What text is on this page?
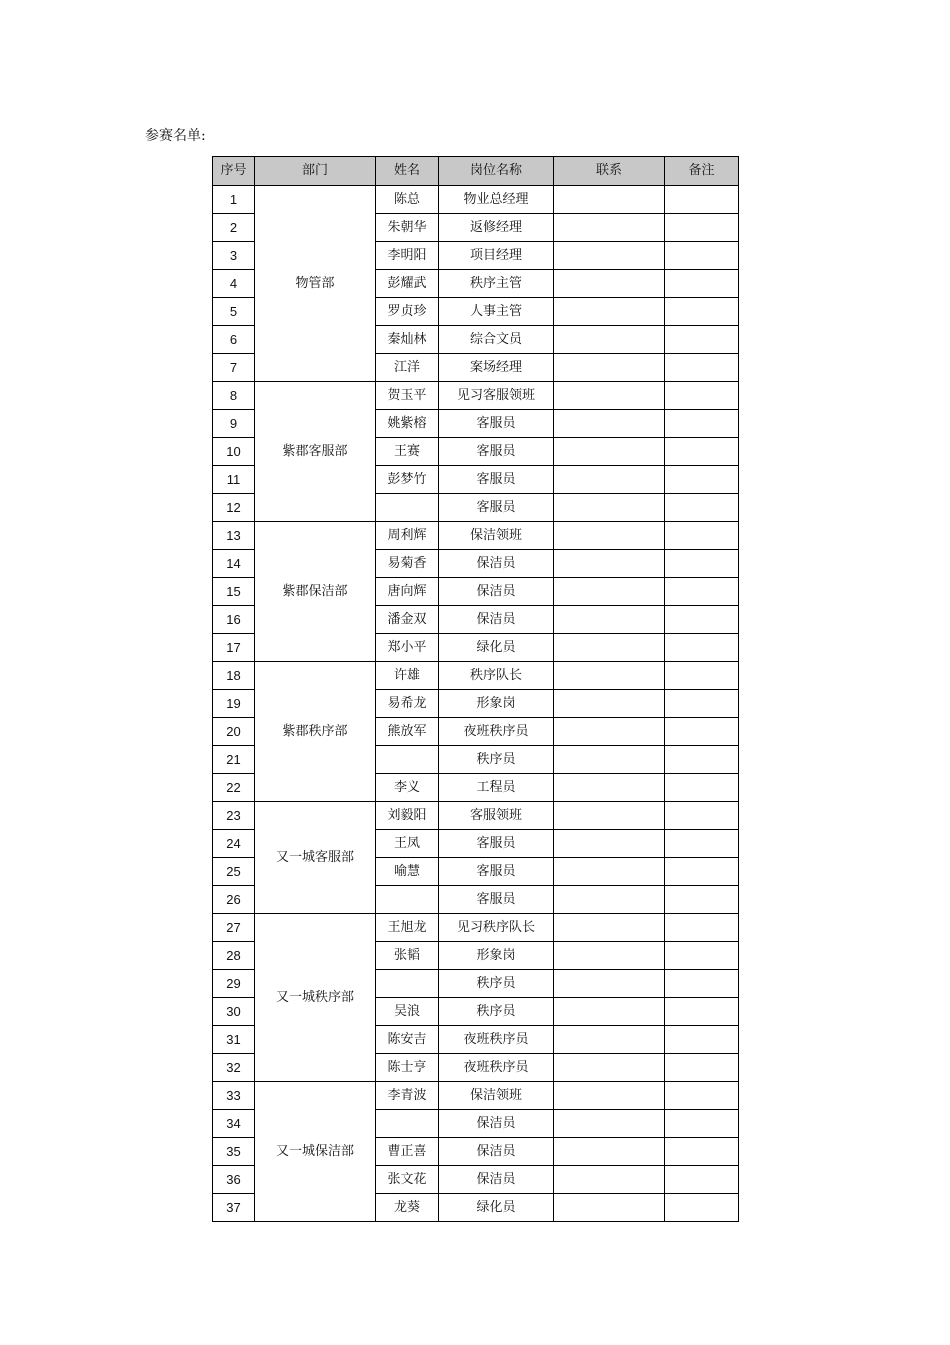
参赛名单:
序号	部门	姓名	岗位名称	联系	备注
1	物管部	陈总	物业总经理		
2		朱朝华	返修经理		
3		李明阳	项目经理		
4		彭耀武	秩序主管		
5		罗贞珍	人事主管		
6		秦灿林	综合文员		
7		江洋	案场经理		
8	紫郡客服部	贺玉平	见习客服领班		
9		姚紫榕	客服员		
10		王赛	客服员		
11		彭梦竹	客服员		
12			客服员		
13	紫郡保洁部	周利辉	保洁领班		
14		易菊香	保洁员		
15		唐向辉	保洁员		
16		潘金双	保洁员		
17		郑小平	绿化员		
18	紫郡秩序部	许雄	秩序队长		
19		易希龙	形象岗		
20		熊放军	夜班秩序员		
21			秩序员		
22		李义	工程员		
23	又一城客服部	刘毅阳	客服领班		
24		王凤	客服员		
25		喻慧	客服员		
26			客服员		
27	又一城秩序部	王旭龙	见习秩序队长		
28		张韬	形象岗		
29			秩序员		
30		吴浪	秩序员		
31		陈安吉	夜班秩序员		
32		陈士亨	夜班秩序员		
33	又一城保洁部	李青波	保洁领班		
34			保洁员		
35		曹正喜	保洁员		
36		张文花	保洁员		
37		龙葵	绿化员		
